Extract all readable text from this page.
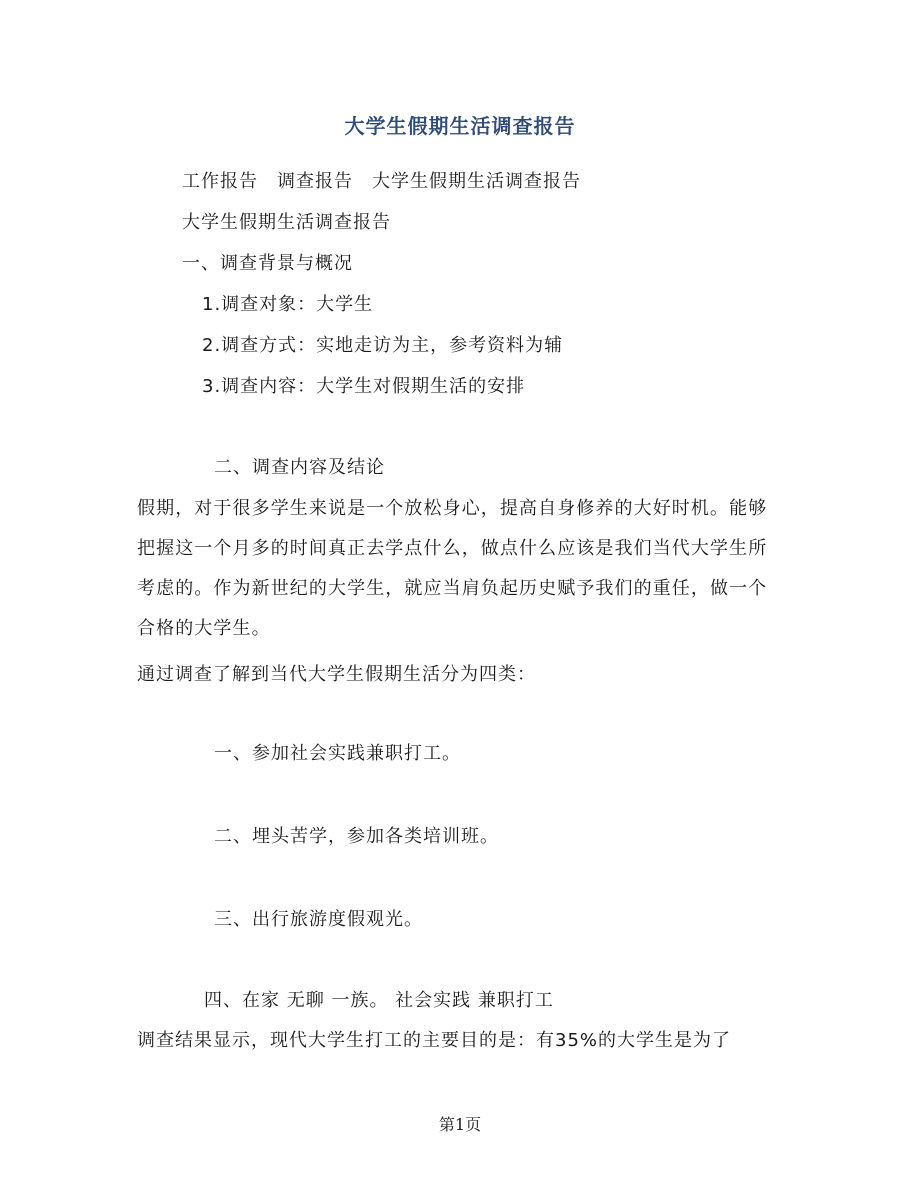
大学生假期生活调查报告
工作报告　调查报告　大学生假期生活调查报告
大学生假期生活调查报告
一、调查背景与概况
1.调查对象：大学生
2.调查方式：实地走访为主，参考资料为辅
3.调查内容：大学生对假期生活的安排
二、调查内容及结论

假期，对于很多学生来说是一个放松身心，提高自身修养的大好时机。能够把握这一个月多的时间真正去学点什么，做点什么应该是我们当代大学生所考虑的。作为新世纪的大学生，就应当肩负起历史赋予我们的重任，做一个合格的大学生。

通过调查了解到当代大学生假期生活分为四类：
一、参加社会实践兼职打工。
二、埋头苦学，参加各类培训班。
三、出行旅游度假观光。
四、在家 无聊 一族。 社会实践 兼职打工
调查结果显示，现代大学生打工的主要目的是：有35%的大学生是为了
第1页
